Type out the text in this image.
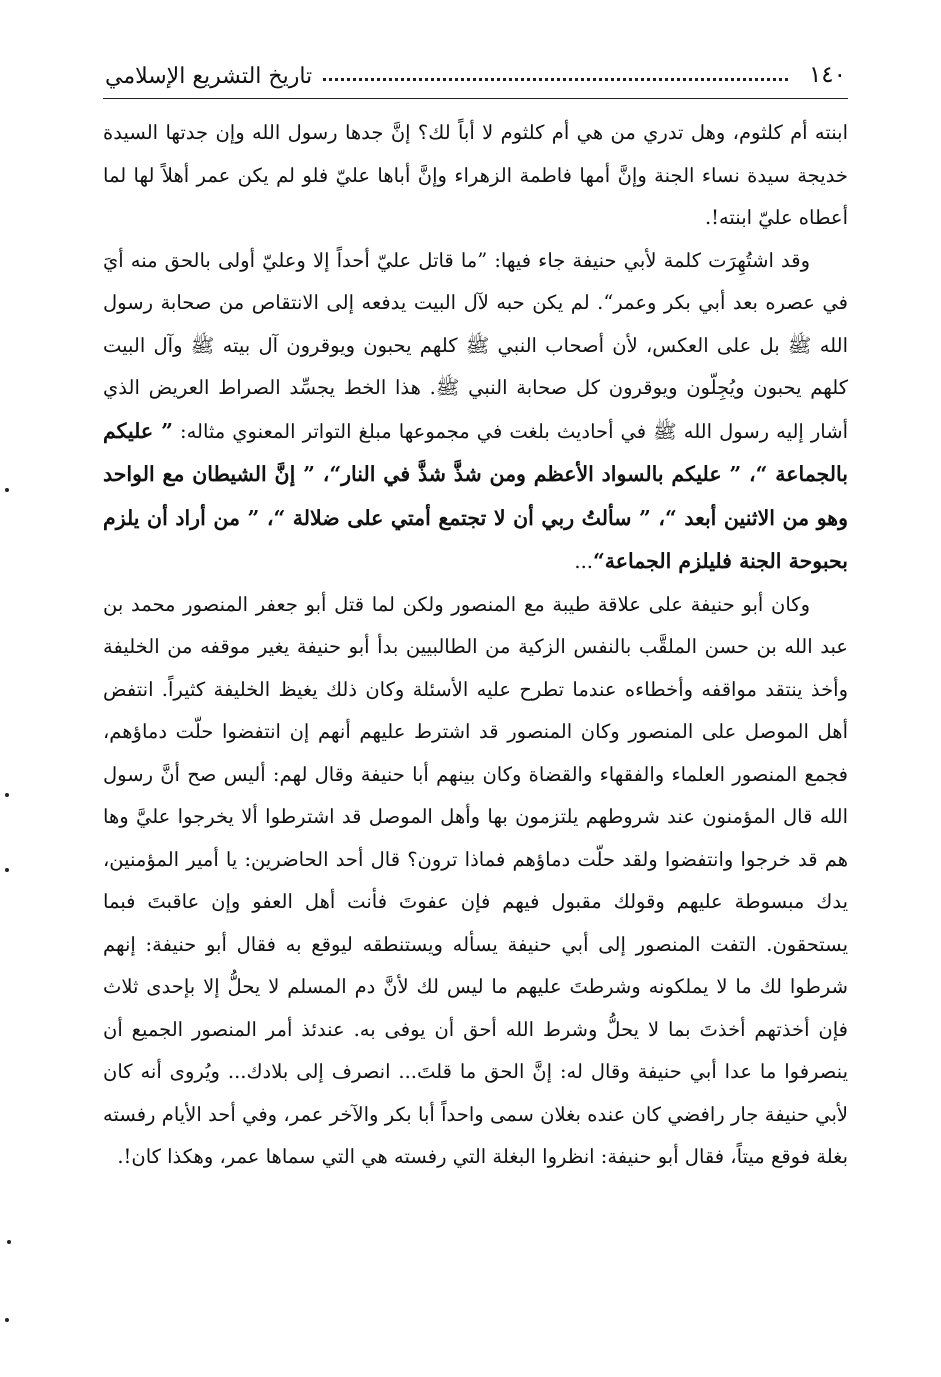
١٤٠
تاريخ التشريع الإسلامي

ابنته أم كلثوم، وهل تدري من هي أم كلثوم لا أباً لك؟ إنَّ جدها رسول الله وإن جدتها السيدة خديجة سيدة نساء الجنة وإنَّ أمها فاطمة الزهراء وإنَّ أباها عليّ فلو لم يكن عمر أهلاً لها لما أعطاه عليّ ابنته!.

وقد اشتُهِرَت كلمة لأبي حنيفة جاء فيها: ”ما قاتل عليّ أحداً إلا وعليّ أولى بالحق منه أيَ في عصره بعد أبي بكر وعمر“. لم يكن حبه لآل البيت يدفعه إلى الانتقاص من صحابة رسول الله ﷺ بل على العكس، لأن أصحاب النبي ﷺ كلهم يحبون ويوقرون آل بيته ﷺ وآل البيت كلهم يحبون ويُجِلّون ويوقرون كل صحابة النبي ﷺ. هذا الخط يجسِّد الصراط العريض الذي أشار إليه رسول الله ﷺ في أحاديث بلغت في مجموعها مبلغ التواتر المعنوي مثاله: ” عليكم بالجماعة “، ” عليكم بالسواد الأعظم ومن شذَّ شذَّ في النار“، ” إنَّ الشيطان مع الواحد وهو من الاثنين أبعد “، ” سألتُ ربي أن لا تجتمع أمتي على ضلالة “، ” من أراد أن يلزم بحبوحة الجنة فليلزم الجماعة“...

وكان أبو حنيفة على علاقة طيبة مع المنصور ولكن لما قتل أبو جعفر المنصور محمد بن عبد الله بن حسن الملقَّب بالنفس الزكية من الطالبيين بدأ أبو حنيفة يغير موقفه من الخليفة وأخذ ينتقد مواقفه وأخطاءه عندما تطرح عليه الأسئلة وكان ذلك يغيظ الخليفة كثيراً. انتفض أهل الموصل على المنصور وكان المنصور قد اشترط عليهم أنهم إن انتفضوا حلّت دماؤهم، فجمع المنصور العلماء والفقهاء والقضاة وكان بينهم أبا حنيفة وقال لهم: أليس صح أنَّ رسول الله قال المؤمنون عند شروطهم يلتزمون بها وأهل الموصل قد اشترطوا ألا يخرجوا عليَّ وها هم قد خرجوا وانتفضوا ولقد حلّت دماؤهم فماذا ترون؟ قال أحد الحاضرين: يا أمير المؤمنين، يدك مبسوطة عليهم وقولك مقبول فيهم فإن عفوتَ فأنت أهل العفو وإن عاقبتَ فبما يستحقون. التفت المنصور إلى أبي حنيفة يسأله ويستنطقه ليوقع به فقال أبو حنيفة: إنهم شرطوا لك ما لا يملكونه وشرطتَ عليهم ما ليس لك لأنَّ دم المسلم لا يحلُّ إلا بإحدى ثلاث فإن أخذتهم أخذتَ بما لا يحلُّ وشرط الله أحق أن يوفى به. عندئذ أمر المنصور الجميع أن ينصرفوا ما عدا أبي حنيفة وقال له: إنَّ الحق ما قلتَ... انصرف إلى بلادك... ويُروى أنه كان لأبي حنيفة جار رافضي كان عنده بغلان سمى واحداً أبا بكر والآخر عمر، وفي أحد الأيام رفسته بغلة فوقع ميتاً، فقال أبو حنيفة: انظروا البغلة التي رفسته هي التي سماها عمر، وهكذا كان!.
